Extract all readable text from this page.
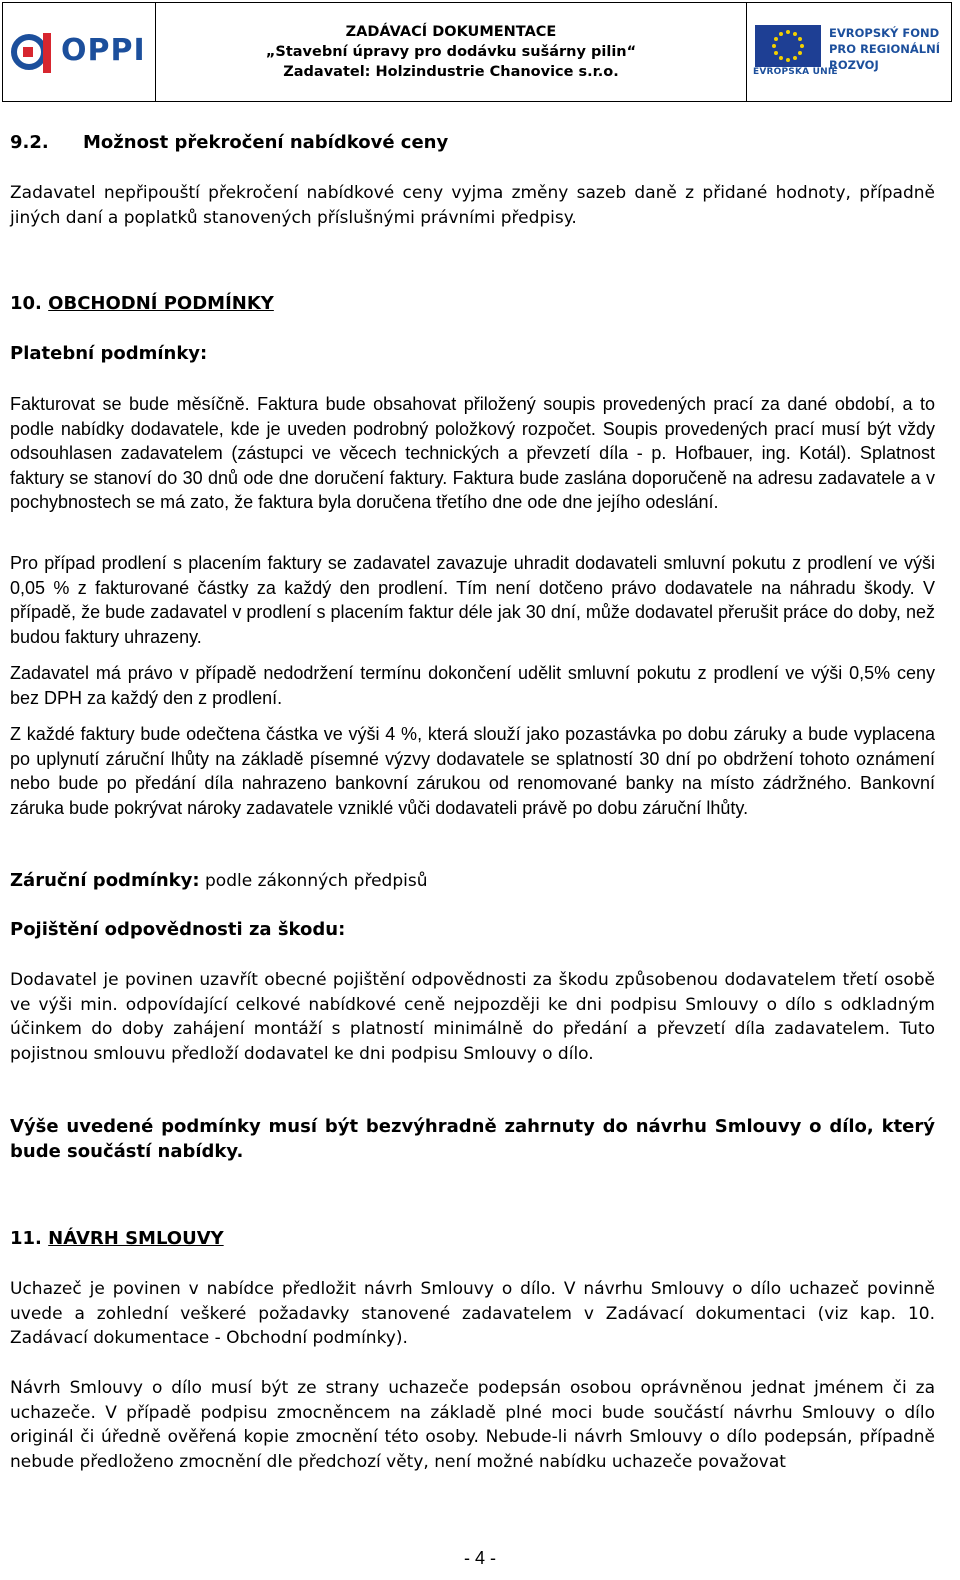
OPPI
ZADÁVACÍ DOKUMENTACE
„Stavební úpravy pro dodávku sušárny pilin“
Zadavatel: Holzindustrie Chanovice s.r.o.	EVROPSKÁ UNIE
EVROPSKÝ FOND
PRO REGIONÁLNÍ
ROZVOJ

9.2. Možnost překročení nabídkové ceny

Zadavatel nepřipouští překročení nabídkové ceny vyjma změny sazeb daně z přidané hodnoty, případně jiných daní a poplatků stanovených příslušnými právními předpisy.

10. OBCHODNÍ PODMÍNKY

Platební podmínky:

Fakturovat se bude měsíčně. Faktura bude obsahovat přiložený soupis provedených prací za dané období, a to podle nabídky dodavatele, kde je uveden podrobný položkový rozpočet. Soupis provedených prací musí být vždy odsouhlasen zadavatelem (zástupci ve věcech technických a převzetí díla - p. Hofbauer, ing. Kotál). Splatnost faktury se stanoví do 30 dnů ode dne doručení faktury. Faktura bude zaslána doporučeně na adresu zadavatele a v pochybnostech se má zato, že faktura byla doručena třetího dne ode dne jejího odeslání.

Pro případ prodlení s placením faktury se zadavatel zavazuje uhradit dodavateli smluvní pokutu z prodlení ve výši 0,05 % z fakturované částky za každý den prodlení. Tím není dotčeno právo dodavatele na náhradu škody. V případě, že bude zadavatel v prodlení s placením faktur déle jak 30 dní, může dodavatel přerušit práce do doby, než budou faktury uhrazeny.

Zadavatel má právo v případě nedodržení termínu dokončení udělit smluvní pokutu z prodlení ve výši 0,5% ceny bez DPH za každý den z prodlení.

Z každé faktury bude odečtena částka ve výši 4 %, která slouží jako pozastávka po dobu záruky a bude vyplacena po uplynutí záruční lhůty na základě písemné výzvy dodavatele se splatností 30 dní po obdržení tohoto oznámení nebo bude po předání díla nahrazeno bankovní zárukou od renomované banky na místo zádržného. Bankovní záruka bude pokrývat nároky zadavatele vzniklé vůči dodavateli právě po dobu záruční lhůty.

Záruční podmínky: podle zákonných předpisů

Pojištění odpovědnosti za škodu:

Dodavatel je povinen uzavřít obecné pojištění odpovědnosti za škodu způsobenou dodavatelem třetí osobě ve výši min. odpovídající celkové nabídkové ceně nejpozději ke dni podpisu Smlouvy o dílo s odkladným účinkem do doby zahájení montáží s platností minimálně do předání a převzetí díla zadavatelem. Tuto pojistnou smlouvu předloží dodavatel ke dni podpisu Smlouvy o dílo.

Výše uvedené podmínky musí být bezvýhradně zahrnuty do návrhu Smlouvy o dílo, který bude součástí nabídky.

11. NÁVRH SMLOUVY

Uchazeč je povinen v nabídce předložit návrh Smlouvy o dílo. V návrhu Smlouvy o dílo uchazeč povinně uvede a zohlední veškeré požadavky stanovené zadavatelem v Zadávací dokumentaci (viz kap. 10. Zadávací dokumentace - Obchodní podmínky).

Návrh Smlouvy o dílo musí být ze strany uchazeče podepsán osobou oprávněnou jednat jménem či za uchazeče. V případě podpisu zmocněncem na základě plné moci bude součástí návrhu Smlouvy o dílo originál či úředně ověřená kopie zmocnění této osoby. Nebude-li návrh Smlouvy o dílo podepsán, případně nebude předloženo zmocnění dle předchozí věty, není možné nabídku uchazeče považovat

- 4 -
